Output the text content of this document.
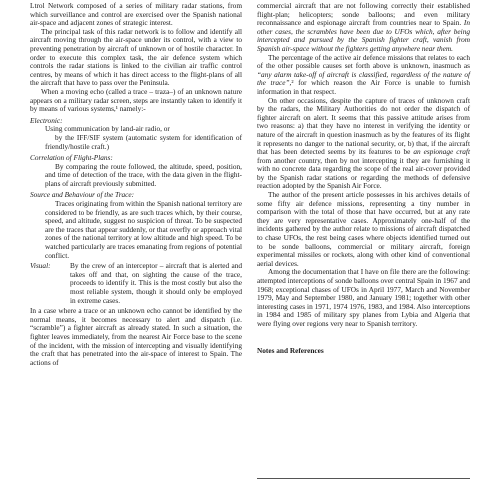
Ltrol Network composed of a series of military radar stations, from which surveillance and control are exercised over the Spanish national air-space and adjacent zones of strategic interest.

The principal task of this radar network is to follow and identify all aircraft moving through the air-space under its control, with a view to preventing penetration by aircraft of unknown or of hostile character. In order to execute this complex task, the air defence system which controls the radar stations is linked to the civilian air traffic control centres, by means of which it has direct access to the flight-plans of all the aircraft that have to pass over the Peninsula.

When a moving echo (called a trace – traza–) of an unknown nature appears on a military radar screen, steps are instantly taken to identify it by means of various systems,¹ namely:-

Electronic:

Using communication by land-air radio, or

by the IFF/SIF system (automatic system for identification of friendly/hostile craft.)

Correlation of Flight-Plans:

By comparing the route followed, the altitude, speed, position, and time of detection of the trace, with the data given in the flight-plans of aircraft previously submitted.

Source and Behaviour of the Trace:

Traces originating from within the Spanish national territory are considered to be friendly, as are such traces which, by their course, speed, and altitude, suggest no suspicion of threat. To be suspected are the traces that appear suddenly, or that overfly or approach vital zones of the national territory at low altitude and high speed. To be watched particularly are traces emanating from regions of potential conflict.

Visual:	By the crew of an interceptor – aircraft that is alerted and takes off and that, on sighting the cause of the trace, proceeds to identify it. This is the most costly but also the most reliable system, though it should only be employed in extreme cases.

In a case where a trace or an unknown echo cannot be identified by the normal means, it becomes necessary to alert and dispatch (i.e. “scramble”) a fighter aircraft as already stated. In such a situation, the fighter leaves immediately, from the nearest Air Force base to the scene of the incident, with the mission of intercepting and visually identifying the craft that has penetrated into the air-space of interest to Spain. The actions of

commercial aircraft that are not following correctly their established flight-plan; helicopters; sonde balloons; and even military reconnaissance and espionage aircraft from countries near to Spain. In other cases, the scrambles have been due to UFOs which, after being intercepted and pursued by the Spanish fighter craft, vanish from Spanish air-space without the fighters getting anywhere near them.

The percentage of the active air defence missions that relates to each of the other possible causes set forth above is unknown, inasmuch as “any alarm take-off of aircraft is classified, regardless of the nature of the trace”,² for which reason the Air Force is unable to furnish information in that respect.

On other occasions, despite the capture of traces of unknown craft by the radars, the Military Authorities do not order the dispatch of fighter aircraft on alert. It seems that this passive attitude arises from two reasons: a) that they have no interest in verifying the identity or nature of the aircraft in question inasmuch as by the features of its flight it represents no danger to the national security, or, b) that, if the aircraft that has been detected seems by its features to be an espionage craft from another country, then by not intercepting it they are furnishing it with no concrete data regarding the scope of the real air-cover provided by the Spanish radar stations or regarding the methods of defensive reaction adopted by the Spanish Air Force.

The author of the present article possesses in his archives details of some fifty air defence missions, representing a tiny number in comparison with the total of those that have occurred, but at any rate they are very representative cases. Approximately one-half of the incidents gathered by the author relate to missions of aircraft dispatched to chase UFOs, the rest being cases where objects identified turned out to be sonde balloons, commercial or military aircraft, foreign experimental missiles or rockets, along with other kind of conventional aerial devices.

Among the documentation that I have on file there are the following: attempted interceptions of sonde balloons over central Spain in 1967 and 1968; exceptional chases of UFOs in April 1977, March and November 1979, May and September 1980, and January 1981; together with other interesting cases in 1971, 1974 1976, 1983, and 1984. Also interceptions in 1984 and 1985 of military spy planes from Lybia and Algeria that were flying over regions very near to Spanish territory.

Notes and References
